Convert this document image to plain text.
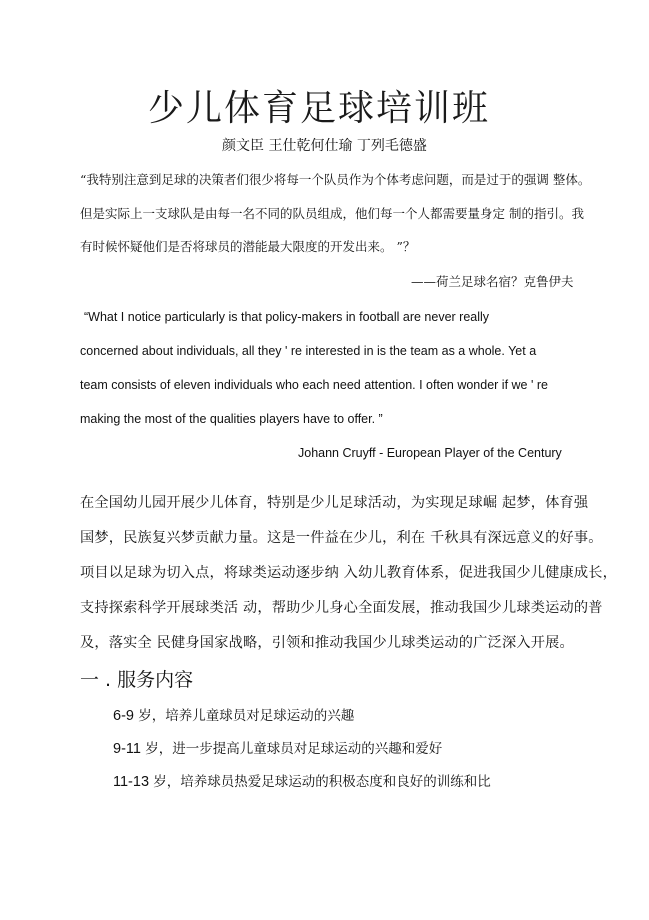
少儿体育足球培训班
颜文臣 王仕乾何仕瑜 丁列毛德盛
“我特别注意到足球的决策者们很少将每一个队员作为个体考虑问题，而是过于的强调 整体。
但是实际上一支球队是由每一名不同的队员组成，他们每一个人都需要量身定 制的指引。我
有时候怀疑他们是否将球员的潜能最大限度的开发出来。 ”？
——荷兰足球名宿？克鲁伊夫
“What I notice particularly is that policy-makers in football are never really
concerned about individuals, all they ' re interested in is the team as a whole. Yet a
team consists of eleven individuals who each need attention. I often wonder if we ' re
making the most of the qualities players have to offer. ”
Johann Cruyff - European Player of the Century
在全国幼儿园开展少儿体育，特别是少儿足球活动，为实现足球崛 起梦，体育强
国梦，民族复兴梦贡献力量。这是一件益在少儿，利在 千秋具有深远意义的好事。
项目以足球为切入点，将球类运动逐步纳 入幼儿教育体系，促进我国少儿健康成长，
支持探索科学开展球类活 动，帮助少儿身心全面发展，推动我国少儿球类运动的普
及，落实全 民健身国家战略，引领和推动我国少儿球类运动的广泛深入开展。
一 . 服务内容
6-9 岁，培养儿童球员对足球运动的兴趣
9-11 岁，进一步提高儿童球员对足球运动的兴趣和爱好
11-13 岁，培养球员热爱足球运动的积极态度和良好的训练和比
